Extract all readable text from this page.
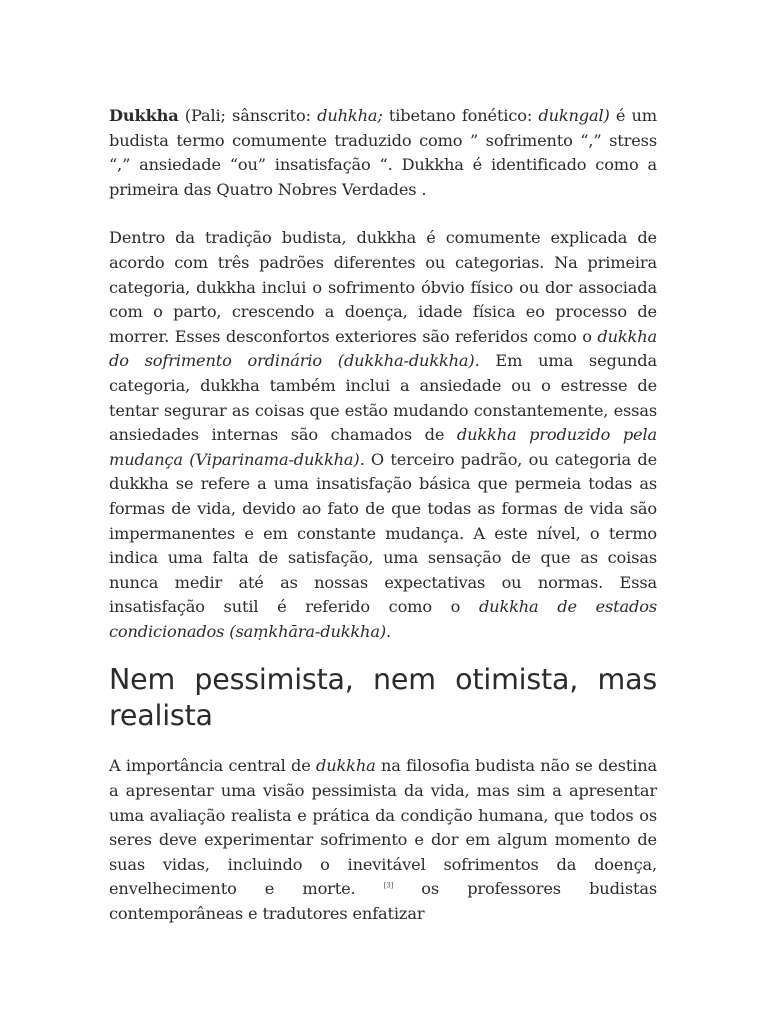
Dukkha (Pali; sânscrito: duhkha; tibetano fonético: dukngal) é um budista termo comumente traduzido como ” sofrimento “,” stress “,” ansiedade “ou” insatisfação “. Dukkha é identificado como a primeira das Quatro Nobres Verdades .

Dentro da tradição budista, dukkha é comumente explicada de acordo com três padrões diferentes ou categorias. Na primeira categoria, dukkha inclui o sofrimento óbvio físico ou dor associada com o parto, crescendo a doença, idade física eo processo de morrer. Esses desconfortos exteriores são referidos como o dukkha do sofrimento ordinário (dukkha-dukkha). Em uma segunda categoria, dukkha também inclui a ansiedade ou o estresse de tentar segurar as coisas que estão mudando constantemente, essas ansiedades internas são chamados de dukkha produzido pela mudança (Viparinama-dukkha). O terceiro padrão, ou categoria de dukkha se refere a uma insatisfação básica que permeia todas as formas de vida, devido ao fato de que todas as formas de vida são impermanentes e em constante mudança. A este nível, o termo indica uma falta de satisfação, uma sensação de que as coisas nunca medir até as nossas expectativas ou normas. Essa insatisfação sutil é referido como o dukkha de estados condicionados (saṃkhāra-dukkha).

Nem pessimista, nem otimista, mas realista

A importância central de dukkha na filosofia budista não se destina a apresentar uma visão pessimista da vida, mas sim a apresentar uma avaliação realista e prática da condição humana, que todos os seres deve experimentar sofrimento e dor em algum momento de suas vidas, incluindo o inevitável sofrimentos da doença, envelhecimento e morte. [3] os professores budistas contemporâneas e tradutores enfatizar
